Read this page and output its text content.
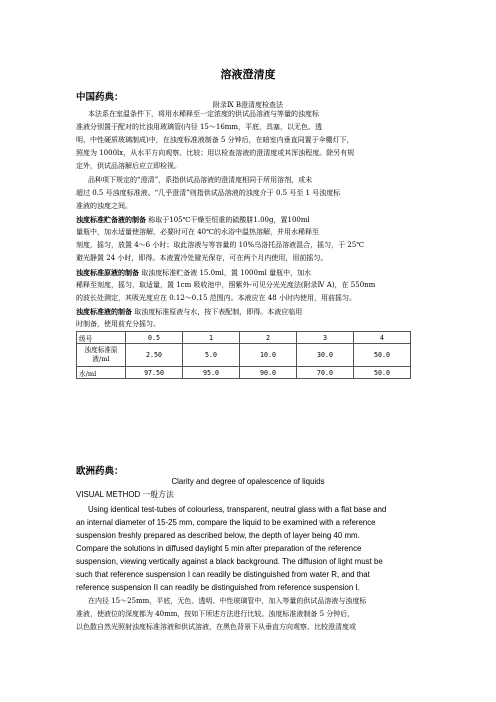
溶液澄清度
中国药典：
附录Ⅸ B澄清度检查法
本法系在室温条件下，将用水稀释至一定浓度的供试品溶液与等量的浊度标
准液分别置于配对的比浊用玻璃管(内径 15～16mm，平底，具塞，以无色、透
明、中性硬质玻璃制成)中，在浊度标准液制备 5 分钟后，在暗室内垂直同置于伞棚灯下，
照度为 1000lx，从水平方向观察、比较；用以检查溶液的澄清度或其浑浊程度。除另有规
定外，供试品溶解后应立即检视。
品种项下规定的“澄清”，系指供试品溶液的澄清度相同于所用溶剂，或未
超过 0.5 号浊度标准液。“几乎澄清”则指供试品溶液的浊度介于 0.5 号至 1 号浊度标
准液的浊度之间。
浊度标准贮备液的制备 称取于105℃干燥至恒重的硫酸肼1.00g，置100ml
量瓶中，加水适量使溶解，必要时可在 40℃的水浴中温热溶解，并用水稀释至
刻度，摇匀，放置 4～6 小时；取此溶液与等容量的 10%乌洛托品溶液混合，摇匀，于 25℃
避光静置 24 小时，即得。本液置冷处避光保存，可在两个月内使用，用前摇匀。
浊度标准原液的制备 取浊度标准贮备液 15.0ml，置 1000ml 量瓶中，加水
稀释至刻度，摇匀，取适量，置 1cm 吸收池中，照紫外-可见分光光度法(附录Ⅳ A)，在 550nm
的波长处测定，其吸光度应在 0.12～0.15 范围内。本液应在 48 小时内使用，用前摇匀。
浊度标准液的制备 取浊度标准原液与水，按下表配制，即得。本液应临用
时制备，使用前充分摇匀。
级号	0.5	1	2	3	4
浊度标准原液/ml	2.50	5.0	10.0	30.0	50.0
水/ml	97.50	95.0	90.0	70.0	50.0
欧洲药典：
Clarity and degree of opalescence of liquids
VISUAL METHOD 一般方法
Using identical test-tubes of colourless, transparent, neutral glass with a flat base and
an internal diameter of 15-25 mm, compare the liquid to be examined with a reference
suspension freshly prepared as described below, the depth of layer being 40 mm.
Compare the solutions in diffused daylight 5 min after preparation of the reference
suspension, viewing vertically against a black background. The diffusion of light must be
such that reference suspension I can readily be distinguished from water R, and that
reference suspension II can readily be distinguished from reference suspension I.
在内径 15～25mm，平底，无色、透明、中性玻璃管中，加入等量的供试品溶液与浊度标
准液，使液位的深度都为 40mm，按如下所述方法进行比较。浊度标准液制备 5 分钟后，
以色散自然光照射浊度标准溶液和供试溶液，在黑色背景下从垂直方向观察、比较澄清度或
